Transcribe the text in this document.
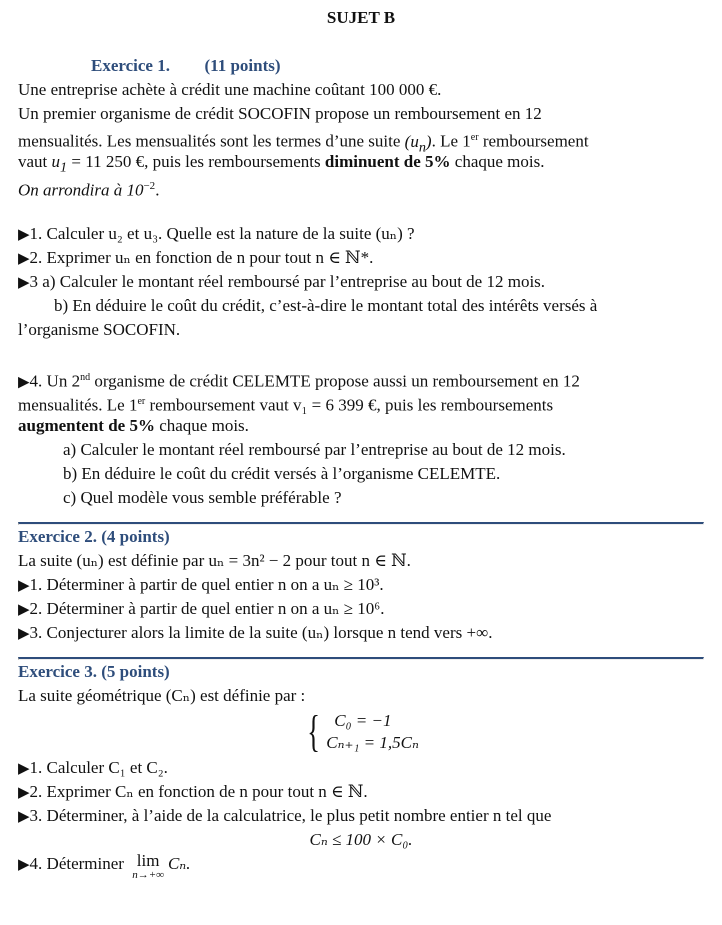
SUJET B
Exercice 1. (11 points)
Une entreprise achète à crédit une machine coûtant 100 000 €.
Un premier organisme de crédit SOCOFIN propose un remboursement en 12
mensualités. Les mensualités sont les termes d’une suite $(u_n)$. Le 1er remboursement
vaut $u_1 = 11$ 250 €, puis les remboursements diminuent de 5% chaque mois.
On arrondira à $10^{-2}$.
▶1. Calculer u₂ et u₃. Quelle est la nature de la suite (uₙ) ?
▶2. Exprimer uₙ en fonction de n pour tout n ∈ ℕ*.
▶3 a) Calculer le montant réel remboursé par l’entreprise au bout de 12 mois.
b) En déduire le coût du crédit, c’est-à-dire le montant total des intérêts versés à
l’organisme SOCOFIN.
▶4. Un 2nd organisme de crédit CELEMTE propose aussi un remboursement en 12
mensualités. Le 1er remboursement vaut v₁ = 6 399 €, puis les remboursements
augmentent de 5% chaque mois.
a) Calculer le montant réel remboursé par l’entreprise au bout de 12 mois.
b) En déduire le coût du crédit versés à l’organisme CELEMTE.
c) Quel modèle vous semble préférable ?
Exercice 2. (4 points)
La suite (uₙ) est définie par uₙ = 3n² − 2 pour tout n ∈ ℕ.
▶1. Déterminer à partir de quel entier n on a uₙ ≥ 10³.
▶2. Déterminer à partir de quel entier n on a uₙ ≥ 10⁶.
▶3. Conjecturer alors la limite de la suite (uₙ) lorsque n tend vers +∞.
Exercice 3. (5 points)
La suite géométrique (Cₙ) est définie par :
{ C₀ = −1
Cₙ₊₁ = 1,5Cₙ
▶1. Calculer C₁ et C₂.
▶2. Exprimer Cₙ en fonction de n pour tout n ∈ ℕ.
▶3. Déterminer, à l’aide de la calculatrice, le plus petit nombre entier n tel que
Cₙ ≤ 100 × C₀.
▶4. Déterminer lim
n→+∞
Cₙ.
